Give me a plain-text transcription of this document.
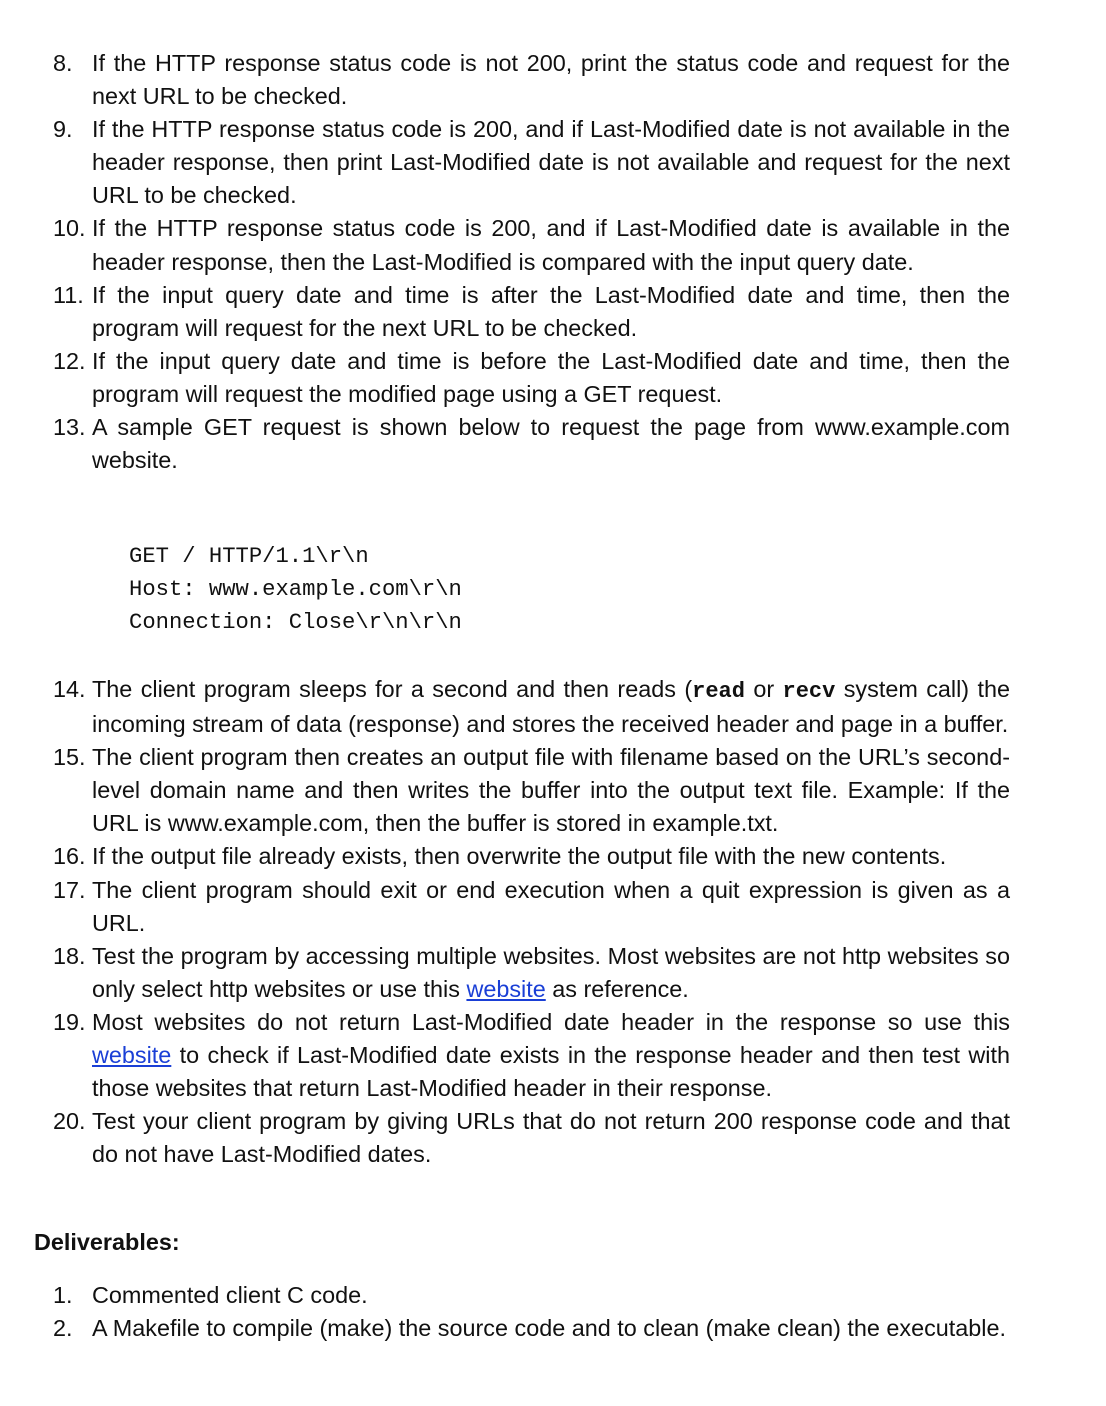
8. If the HTTP response status code is not 200, print the status code and request for the next URL to be checked.
9. If the HTTP response status code is 200, and if Last-Modified date is not available in the header response, then print Last-Modified date is not available and request for the next URL to be checked.
10. If the HTTP response status code is 200, and if Last-Modified date is available in the header response, then the Last-Modified is compared with the input query date.
11. If the input query date and time is after the Last-Modified date and time, then the program will request for the next URL to be checked.
12. If the input query date and time is before the Last-Modified date and time, then the program will request the modified page using a GET request.
13. A sample GET request is shown below to request the page from www.example.com website.
GET / HTTP/1.1\r\n
Host: www.example.com\r\n
Connection: Close\r\n\r\n
14. The client program sleeps for a second and then reads (read or recv system call) the incoming stream of data (response) and stores the received header and page in a buffer.
15. The client program then creates an output file with filename based on the URL’s second-level domain name and then writes the buffer into the output text file. Example: If the URL is www.example.com, then the buffer is stored in example.txt.
16. If the output file already exists, then overwrite the output file with the new contents.
17. The client program should exit or end execution when a quit expression is given as a URL.
18. Test the program by accessing multiple websites. Most websites are not http websites so only select http websites or use this website as reference.
19. Most websites do not return Last-Modified date header in the response so use this website to check if Last-Modified date exists in the response header and then test with those websites that return Last-Modified header in their response.
20. Test your client program by giving URLs that do not return 200 response code and that do not have Last-Modified dates.
Deliverables:
1. Commented client C code.
2. A Makefile to compile (make) the source code and to clean (make clean) the executable.
